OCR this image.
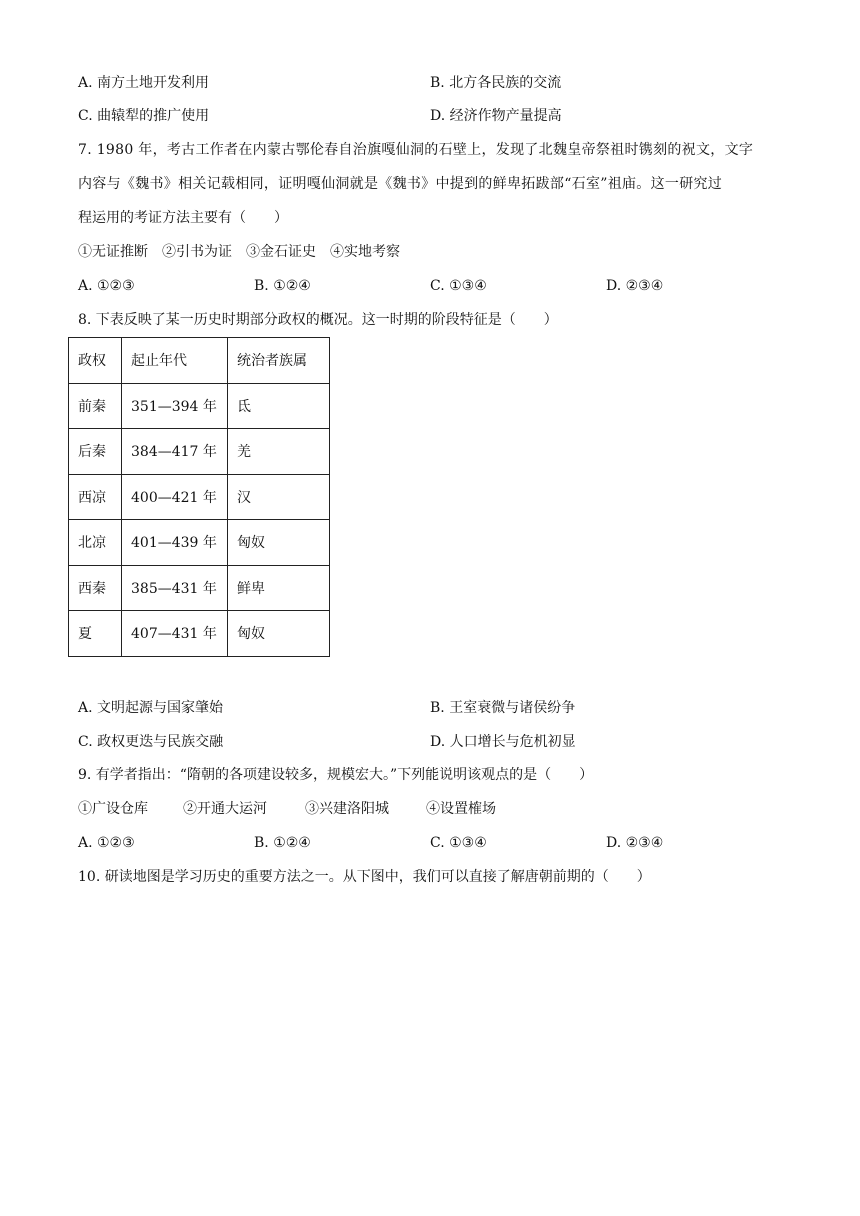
A. 南方土地开发利用	B. 北方各民族的交流
C. 曲辕犁的推广使用	D. 经济作物产量提高
7. 1980 年，考古工作者在内蒙古鄂伦春自治旗嘎仙洞的石壁上，发现了北魏皇帝祭祖时镌刻的祝文，文字
内容与《魏书》相关记载相同，证明嘎仙洞就是《魏书》中提到的鲜卑拓跋部“石室”祖庙。这一研究过
程运用的考证方法主要有（　　）
①无证推断　②引书为证　③金石证史　④实地考察
A. ①②③	B. ①②④	C. ①③④	D. ②③④
8. 下表反映了某一历史时期部分政权的概况。这一时期的阶段特征是（　　）
政权	起止年代	统治者族属
前秦	351—394 年	氐
后秦	384—417 年	羌
西凉	400—421 年	汉
北凉	401—439 年	匈奴
西秦	385—431 年	鲜卑
夏	407—431 年	匈奴
A. 文明起源与国家肇始	B. 王室衰微与诸侯纷争
C. 政权更迭与民族交融	D. 人口增长与危机初显
9. 有学者指出：“隋朝的各项建设较多，规模宏大。”下列能说明该观点的是（　　）
①广设仓库	②开通大运河	③兴建洛阳城	④设置榷场
A. ①②③	B. ①②④	C. ①③④	D. ②③④
10. 研读地图是学习历史的重要方法之一。从下图中，我们可以直接了解唐朝前期的（　　）
